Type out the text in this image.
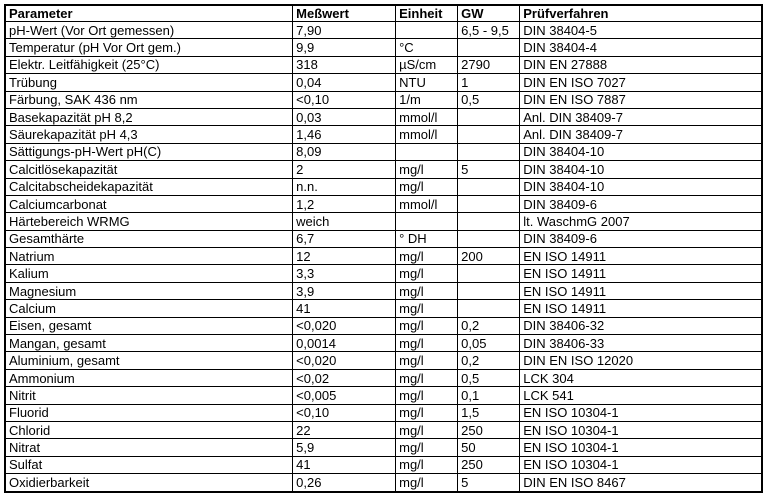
Parameter	Meßwert	Einheit	GW	Prüfverfahren
pH-Wert (Vor Ort gemessen)	7,90		6,5 - 9,5	DIN 38404-5
Temperatur (pH Vor Ort gem.)	9,9	°C		DIN 38404-4
Elektr. Leitfähigkeit (25°C)	318	µS/cm	2790	DIN EN 27888
Trübung	0,04	NTU	1	DIN EN ISO 7027
Färbung, SAK 436 nm	<0,10	1/m	0,5	DIN EN ISO 7887
Basekapazität pH 8,2	0,03	mmol/l		Anl. DIN 38409-7
Säurekapazität pH 4,3	1,46	mmol/l		Anl. DIN 38409-7
Sättigungs-pH-Wert pH(C)	8,09			DIN 38404-10
Calcitlösekapazität	2	mg/l	5	DIN 38404-10
Calcitabscheidekapazität	n.n.	mg/l		DIN 38404-10
Calciumcarbonat	1,2	mmol/l		DIN 38409-6
Härtebereich WRMG	weich			lt. WaschmG 2007
Gesamthärte	6,7	° DH		DIN 38409-6
Natrium	12	mg/l	200	EN ISO 14911
Kalium	3,3	mg/l		EN ISO 14911
Magnesium	3,9	mg/l		EN ISO 14911
Calcium	41	mg/l		EN ISO 14911
Eisen, gesamt	<0,020	mg/l	0,2	DIN 38406-32
Mangan, gesamt	0,0014	mg/l	0,05	DIN 38406-33
Aluminium, gesamt	<0,020	mg/l	0,2	DIN EN ISO 12020
Ammonium	<0,02	mg/l	0,5	LCK 304
Nitrit	<0,005	mg/l	0,1	LCK 541
Fluorid	<0,10	mg/l	1,5	EN ISO 10304-1
Chlorid	22	mg/l	250	EN ISO 10304-1
Nitrat	5,9	mg/l	50	EN ISO 10304-1
Sulfat	41	mg/l	250	EN ISO 10304-1
Oxidierbarkeit	0,26	mg/l	5	DIN EN ISO 8467
